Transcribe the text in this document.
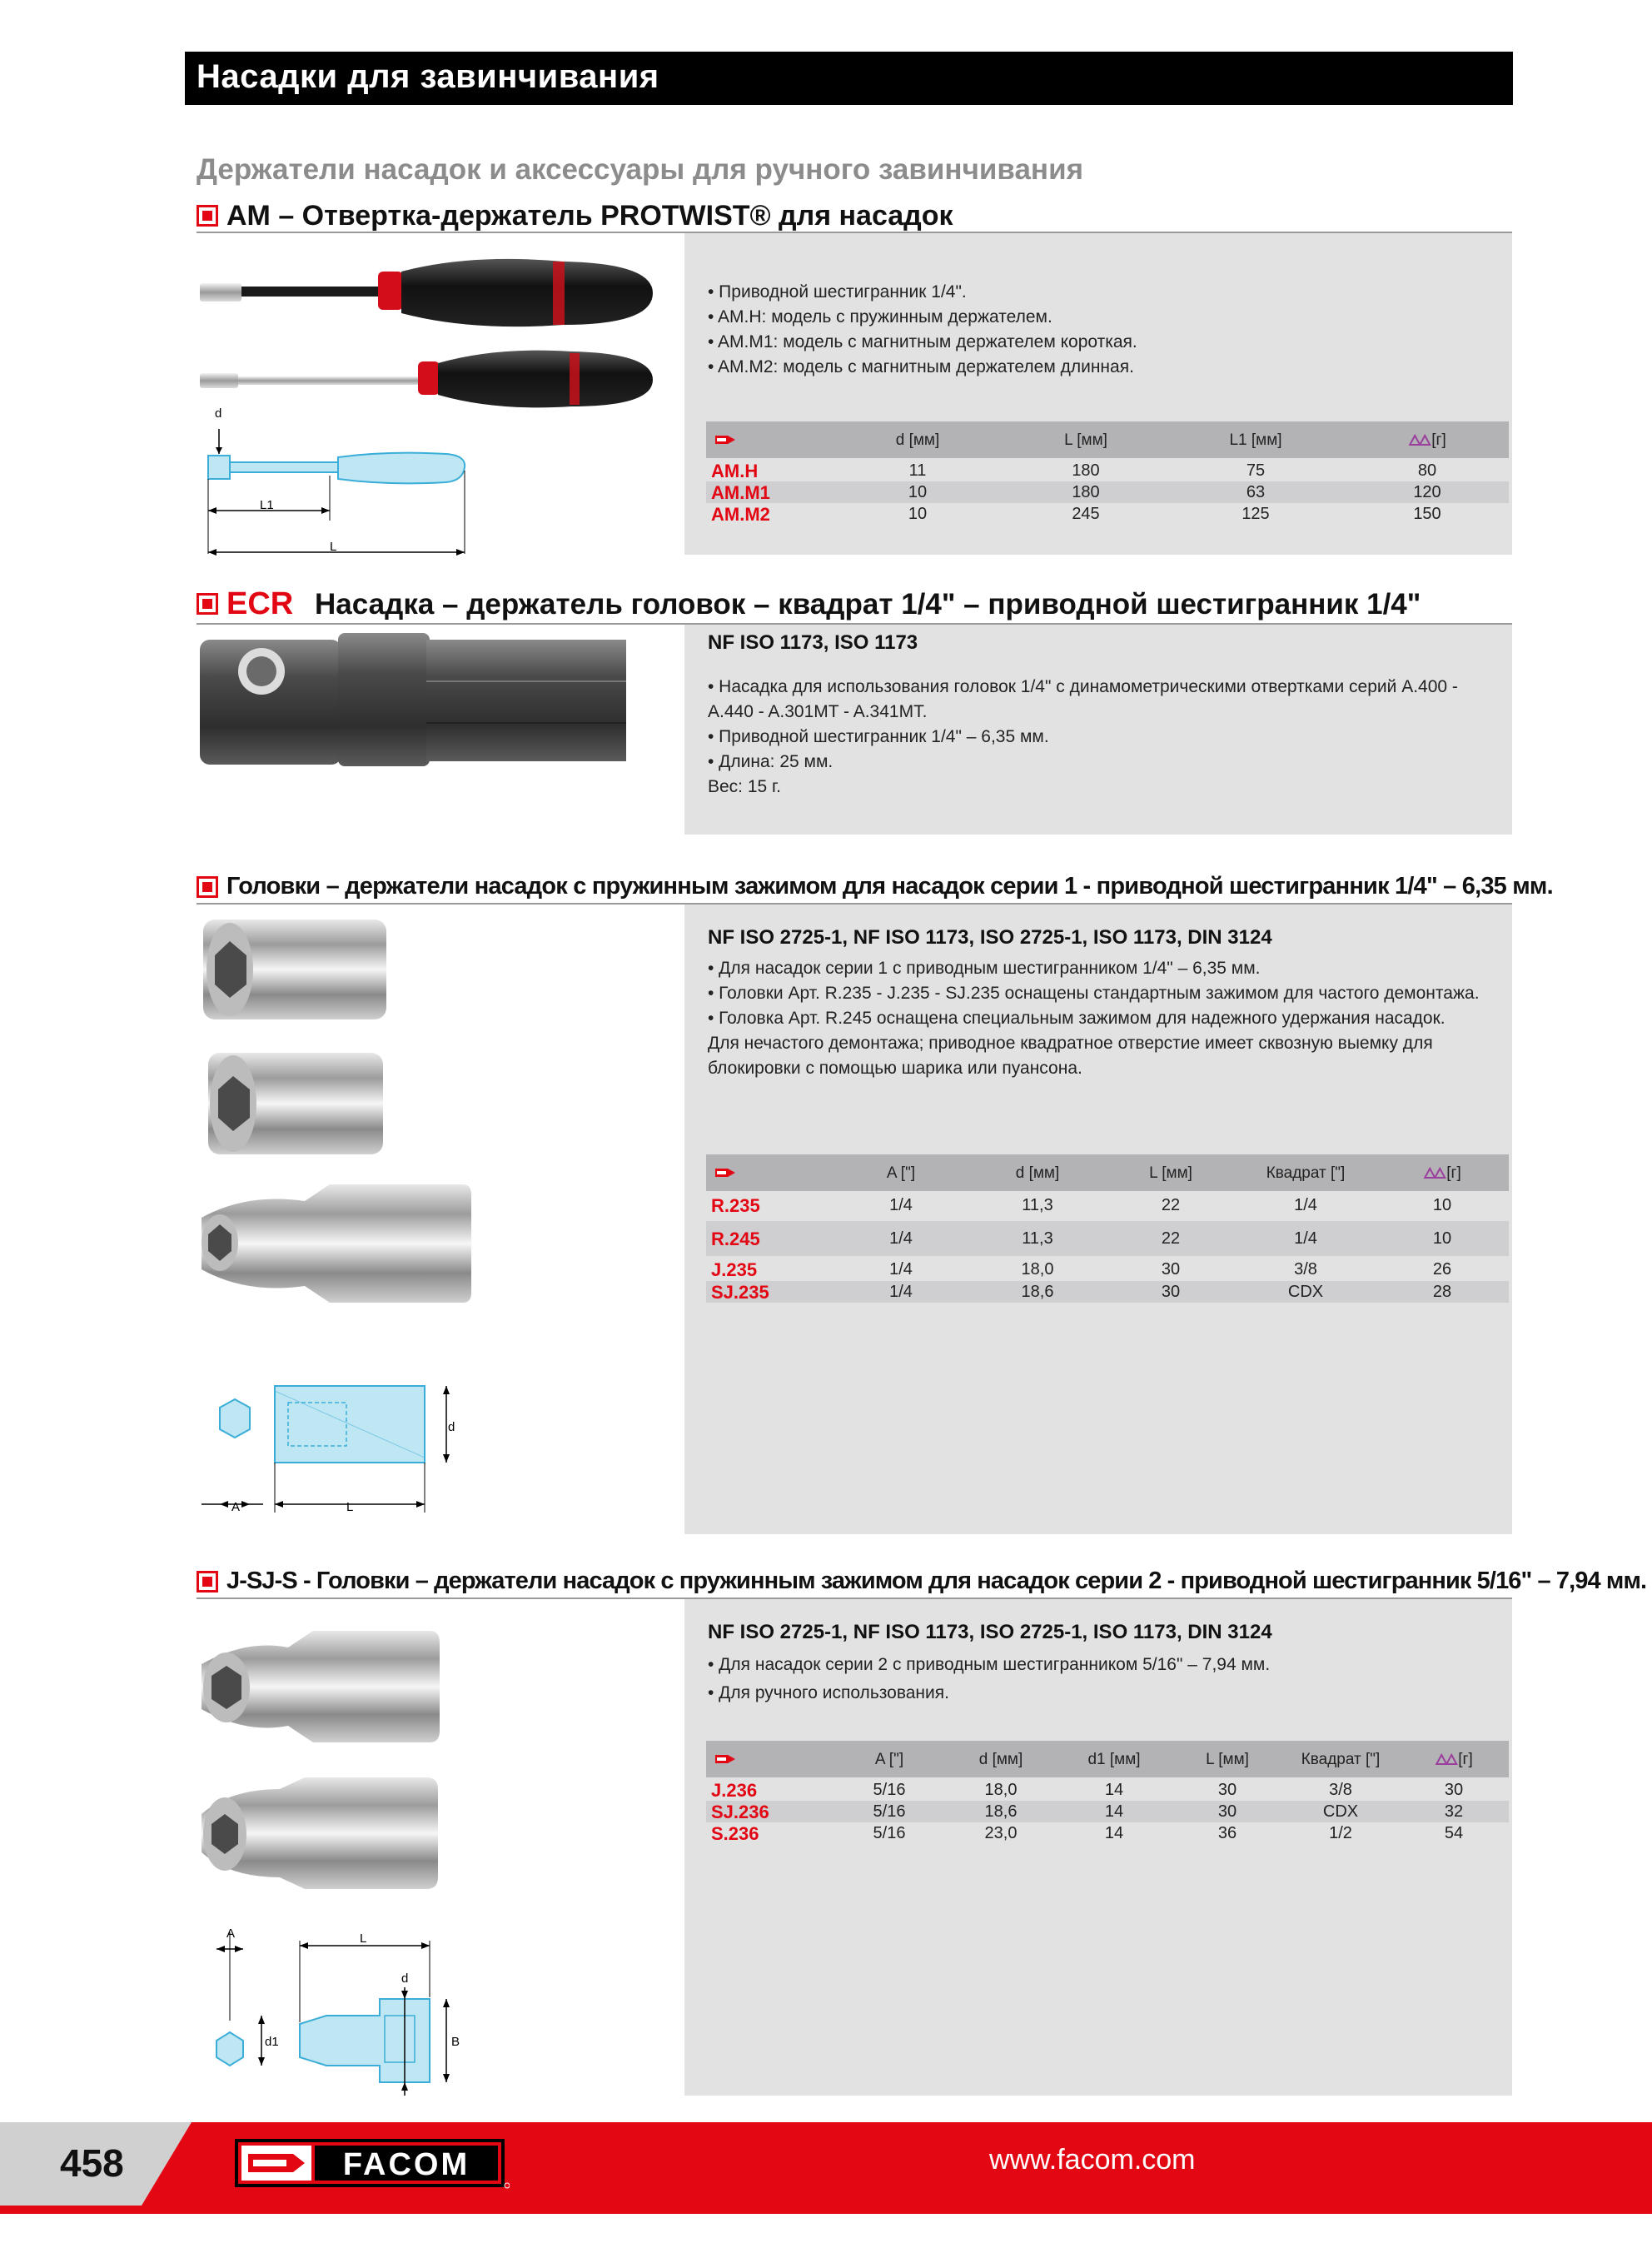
Насадки для завинчивания
Держатели насадок и аксессуары для ручного завинчивания
AM – Отвертка-держатель PROTWIST® для насадок
d
L1
L
• Приводной шестигранник 1/4".
• AM.H: модель с пружинным держателем.
• AM.M1: модель с магнитным держателем короткая.
• AM.M2: модель с магнитным держателем длинная.
d [мм]	L [мм]	L1 [мм]	[г]
AM.H	11	180	75	80
AM.M1	10	180	63	120
AM.M2	10	245	125	150
ECR Насадка – держатель головок – квадрат 1/4" – приводной шестигранник 1/4"
NF ISO 1173, ISO 1173
• Насадка для использования головок 1/4" с динамометрическими отвертками серий A.400 -
A.440 - A.301MT - A.341MT.
• Приводной шестигранник 1/4" – 6,35 мм.
• Длина: 25 мм.
Вес: 15 г.
Головки – держатели насадок с пружинным зажимом для насадок серии 1 - приводной шестигранник 1/4" – 6,35 мм.
A	L
d
NF ISO 2725-1, NF ISO 1173, ISO 2725-1, ISO 1173, DIN 3124
• Для насадок серии 1 с приводным шестигранником 1/4" – 6,35 мм.
• Головки Арт. R.235 - J.235 - SJ.235 оснащены стандартным зажимом для частого демонтажа.
• Головка Арт. R.245 оснащена специальным зажимом для надежного удержания насадок.
Для нечастого демонтажа; приводное квадратное отверстие имеет сквозную выемку для
блокировки с помощью шарика или пуансона.
A ["]	d [мм]	L [мм]	Квадрат ["]	[г]
R.235	1/4	11,3	22	1/4	10
R.245	1/4	11,3	22	1/4	10
J.235	1/4	18,0	30	3/8	26
SJ.235	1/4	18,6	30	CDX	28
J-SJ-S - Головки – держатели насадок с пружинным зажимом для насадок серии 2 - приводной шестигранник 5/16" – 7,94 мм.
A	L
d
d1	B
NF ISO 2725-1, NF ISO 1173, ISO 2725-1, ISO 1173, DIN 3124
• Для насадок серии 2 с приводным шестигранником 5/16" – 7,94 мм.
• Для ручного использования.
A ["]	d [мм]	d1 [мм]	L [мм]	Квадрат ["]	[г]
J.236	5/16	18,0	14	30	3/8	30
SJ.236	5/16	18,6	14	30	CDX	32
S.236	5/16	23,0	14	36	1/2	54
458	FACOM	www.facom.com
